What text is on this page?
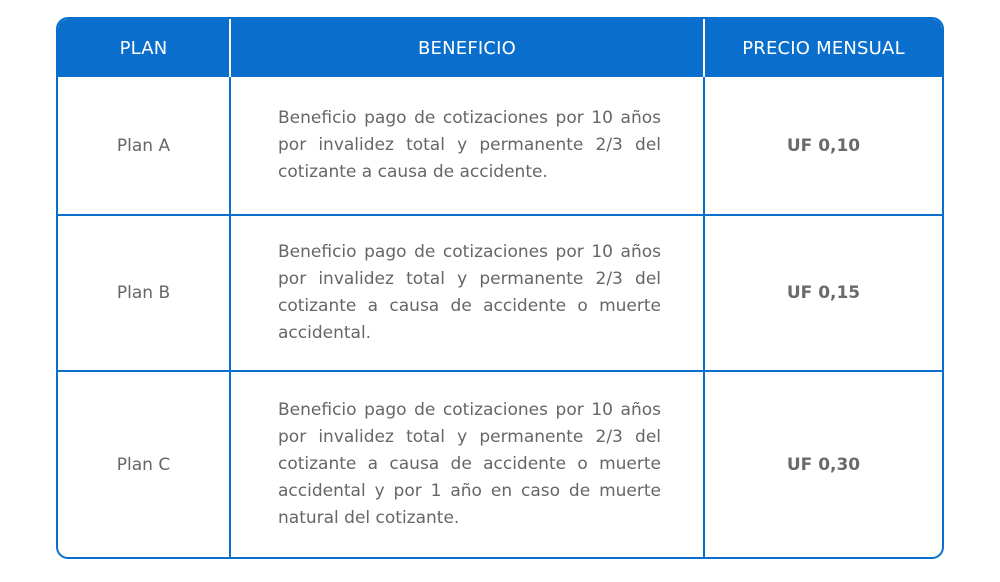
PLAN	BENEFICIO	PRECIO MENSUAL
Plan A	Beneficio pago de cotizaciones por 10 años por invalidez total y permanente 2/3 del cotizante a causa de accidente.	UF 0,10
Plan B	Beneficio pago de cotizaciones por 10 años por invalidez total y permanente 2/3 del cotizante a causa de accidente o muerte accidental.	UF 0,15
Plan C	Beneficio pago de cotizaciones por 10 años por invalidez total y permanente 2/3 del cotizante a causa de accidente o muerte accidental y por 1 año en caso de muerte natural del cotizante.	UF 0,30
